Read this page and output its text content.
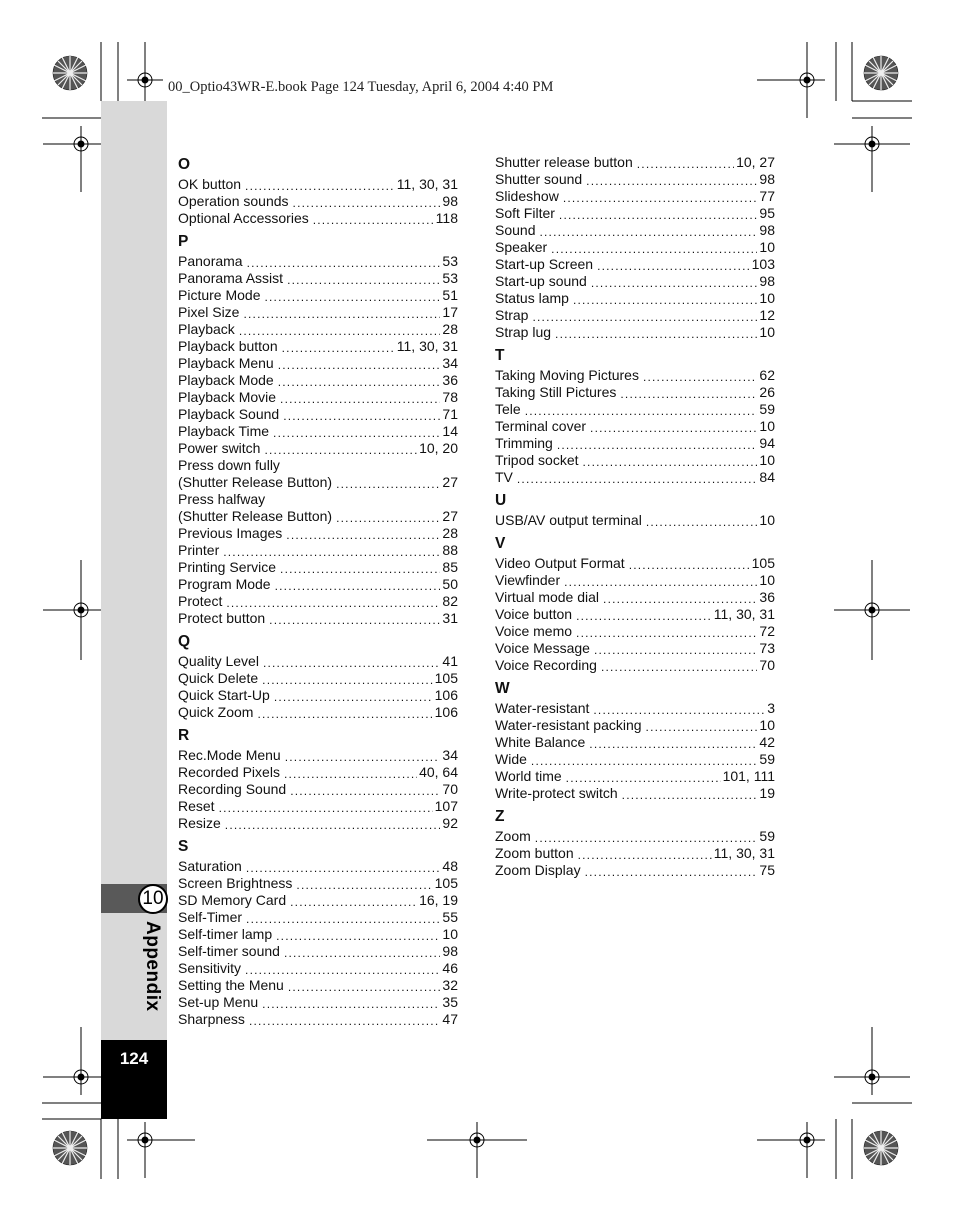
00_Optio43WR-E.book Page 124 Tuesday, April 6, 2004 4:40 PM
10
Appendix
124
O
OK button .....	11, 30, 31
Operation sounds .....	98
Optional Accessories .....	118
P
Panorama .....	53
Panorama Assist .....	53
Picture Mode .....	51
Pixel Size .....	17
Playback .....	28
Playback button .....	11, 30, 31
Playback Menu .....	34
Playback Mode .....	36
Playback Movie .....	78
Playback Sound .....	71
Playback Time .....	14
Power switch .....	10, 20
Press down fully
(Shutter Release Button) .....	27
Press halfway
(Shutter Release Button) .....	27
Previous Images .....	28
Printer .....	88
Printing Service .....	85
Program Mode .....	50
Protect .....	82
Protect button .....	31
Q
Quality Level .....	41
Quick Delete .....	105
Quick Start-Up .....	106
Quick Zoom .....	106
R
Rec.Mode Menu .....	34
Recorded Pixels .....	40, 64
Recording Sound .....	70
Reset .....	107
Resize .....	92
S
Saturation .....	48
Screen Brightness .....	105
SD Memory Card .....	16, 19
Self-Timer .....	55
Self-timer lamp .....	10
Self-timer sound .....	98
Sensitivity .....	46
Setting the Menu .....	32
Set-up Menu .....	35
Sharpness .....	47
Shutter release button .....	10, 27
Shutter sound .....	98
Slideshow .....	77
Soft Filter .....	95
Sound .....	98
Speaker .....	10
Start-up Screen .....	103
Start-up sound .....	98
Status lamp .....	10
Strap .....	12
Strap lug .....	10
T
Taking Moving Pictures .....	62
Taking Still Pictures .....	26
Tele .....	59
Terminal cover .....	10
Trimming .....	94
Tripod socket .....	10
TV .....	84
U
USB/AV output terminal .....	10
V
Video Output Format .....	105
Viewfinder .....	10
Virtual mode dial .....	36
Voice button .....	11, 30, 31
Voice memo .....	72
Voice Message .....	73
Voice Recording .....	70
W
Water-resistant .....	3
Water-resistant packing .....	10
White Balance .....	42
Wide .....	59
World time .....	101, 111
Write-protect switch .....	19
Z
Zoom .....	59
Zoom button .....	11, 30, 31
Zoom Display .....	75
